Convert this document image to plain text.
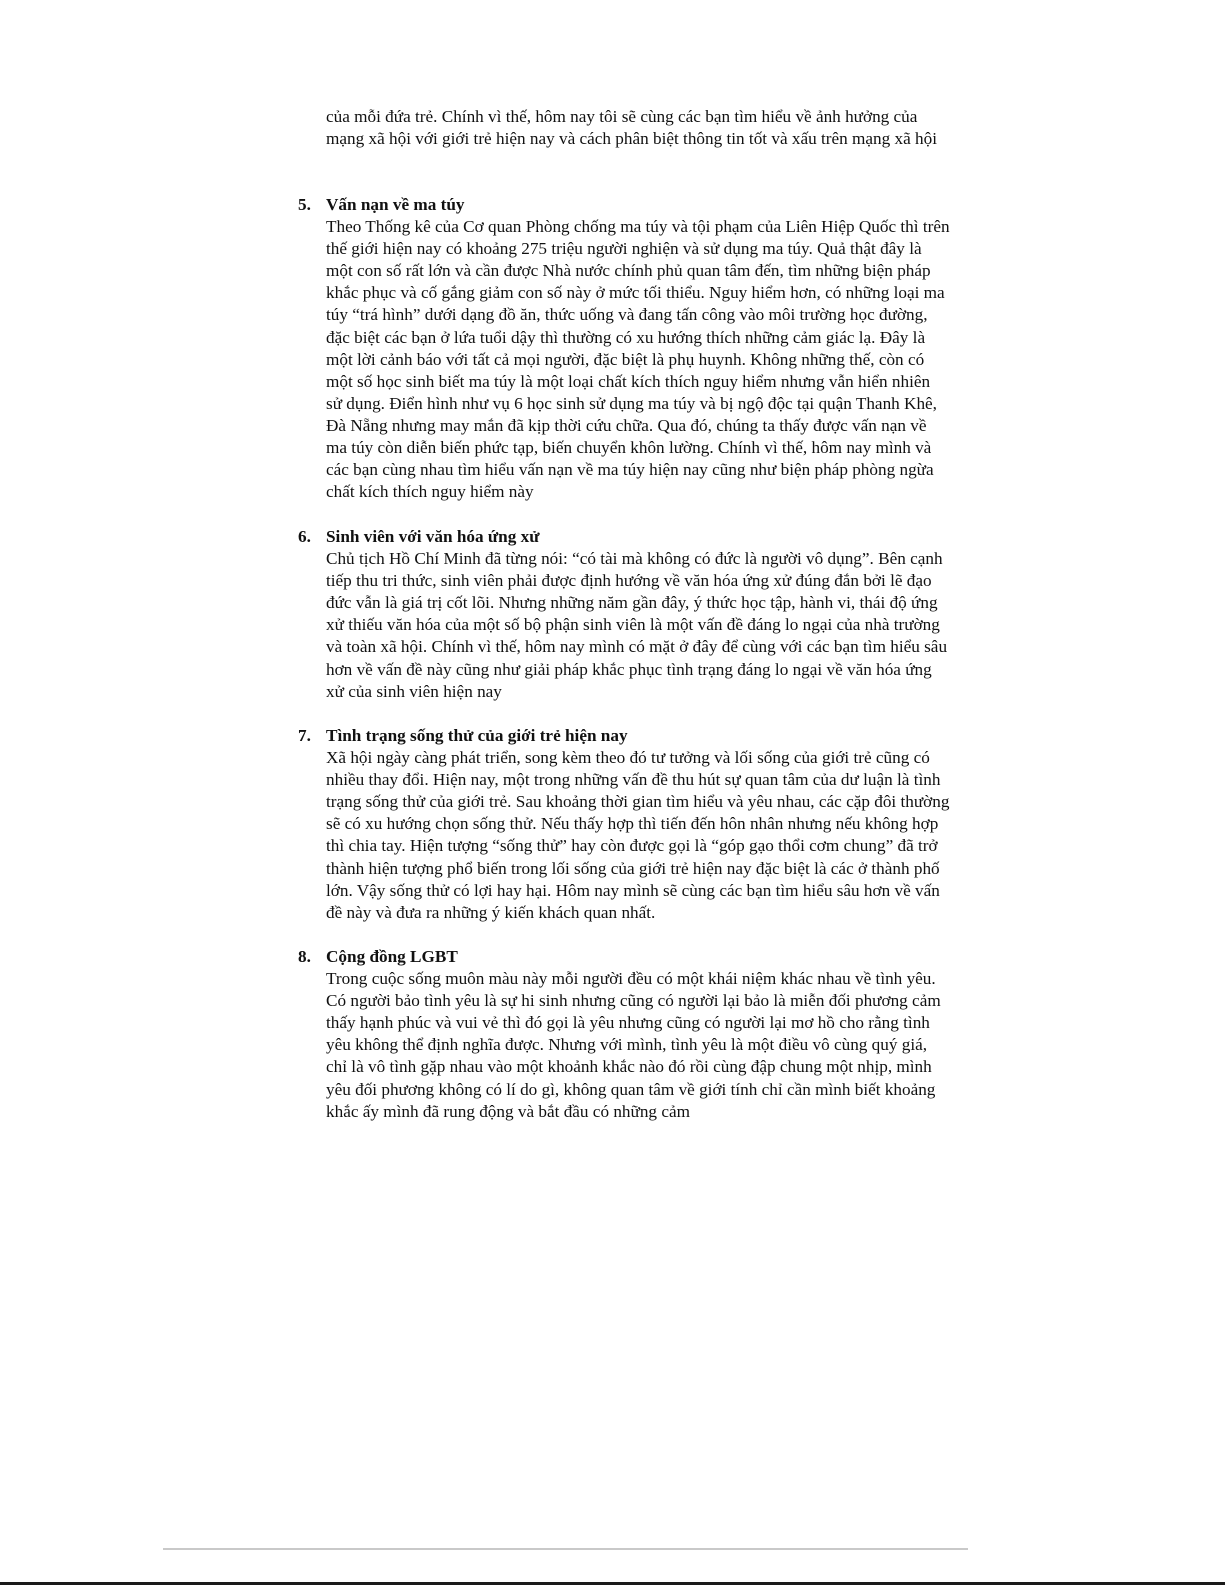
của mỗi đứa trẻ. Chính vì thế, hôm nay tôi sẽ cùng các bạn tìm hiểu về ảnh hưởng của mạng xã hội với giới trẻ hiện nay và cách phân biệt thông tin tốt và xấu trên mạng xã hội

5. Vấn nạn về ma túy

Theo Thống kê của Cơ quan Phòng chống ma túy và tội phạm của Liên Hiệp Quốc thì trên thế giới hiện nay có khoảng 275 triệu người nghiện và sử dụng ma túy. Quả thật đây là một con số rất lớn và cần được Nhà nước chính phủ quan tâm đến, tìm những biện pháp khắc phục và cố gắng giảm con số này ở mức tối thiểu. Nguy hiểm hơn, có những loại ma túy “trá hình” dưới dạng đồ ăn, thức uống và đang tấn công vào môi trường học đường, đặc biệt các bạn ở lứa tuổi dậy thì thường có xu hướng thích những cảm giác lạ. Đây là một lời cảnh báo với tất cả mọi người, đặc biệt là phụ huynh. Không những thế, còn có một số học sinh biết ma túy là một loại chất kích thích nguy hiểm nhưng vẫn hiển nhiên sử dụng. Điển hình như vụ 6 học sinh sử dụng ma túy và bị ngộ độc tại quận Thanh Khê, Đà Nẵng nhưng may mắn đã kịp thời cứu chữa. Qua đó, chúng ta thấy được vấn nạn về ma túy còn diễn biến phức tạp, biến chuyển khôn lường. Chính vì thế, hôm nay mình và các bạn cùng nhau tìm hiểu vấn nạn về ma túy hiện nay cũng như biện pháp phòng ngừa chất kích thích nguy hiểm này

6. Sinh viên với văn hóa ứng xử

Chủ tịch Hồ Chí Minh đã từng nói: “có tài mà không có đức là người vô dụng”. Bên cạnh tiếp thu tri thức, sinh viên phải được định hướng về văn hóa ứng xử đúng đắn bởi lẽ đạo đức vẫn là giá trị cốt lõi. Nhưng những năm gần đây, ý thức học tập, hành vi, thái độ ứng xử thiếu văn hóa của một số bộ phận sinh viên là một vấn đề đáng lo ngại của nhà trường và toàn xã hội. Chính vì thế, hôm nay mình có mặt ở đây để cùng với các bạn tìm hiểu sâu hơn về vấn đề này cũng như giải pháp khắc phục tình trạng đáng lo ngại về văn hóa ứng xử của sinh viên hiện nay

7. Tình trạng sống thử của giới trẻ hiện nay

Xã hội ngày càng phát triển, song kèm theo đó tư tưởng và lối sống của giới trẻ cũng có nhiều thay đổi. Hiện nay, một trong những vấn đề thu hút sự quan tâm của dư luận là tình trạng sống thử của giới trẻ. Sau khoảng thời gian tìm hiểu và yêu nhau, các cặp đôi thường sẽ có xu hướng chọn sống thử. Nếu thấy hợp thì tiến đến hôn nhân nhưng nếu không hợp thì chia tay. Hiện tượng “sống thử” hay còn được gọi là “góp gạo thổi cơm chung” đã trở thành hiện tượng phổ biến trong lối sống của giới trẻ hiện nay đặc biệt là các ở thành phố lớn. Vậy sống thử có lợi hay hại. Hôm nay mình sẽ cùng các bạn tìm hiểu sâu hơn về vấn đề này và đưa ra những ý kiến khách quan nhất.

8. Cộng đồng LGBT

Trong cuộc sống muôn màu này mỗi người đều có một khái niệm khác nhau về tình yêu. Có người bảo tình yêu là sự hi sinh nhưng cũng có người lại bảo là miễn đối phương cảm thấy hạnh phúc và vui vẻ thì đó gọi là yêu nhưng cũng có người lại mơ hồ cho rằng tình yêu không thể định nghĩa được. Nhưng với mình, tình yêu là một điều vô cùng quý giá, chỉ là vô tình gặp nhau vào một khoảnh khắc nào đó rồi cùng đập chung một nhịp, mình yêu đối phương không có lí do gì, không quan tâm về giới tính chỉ cần mình biết khoảng khắc ấy mình đã rung động và bắt đầu có những cảm
